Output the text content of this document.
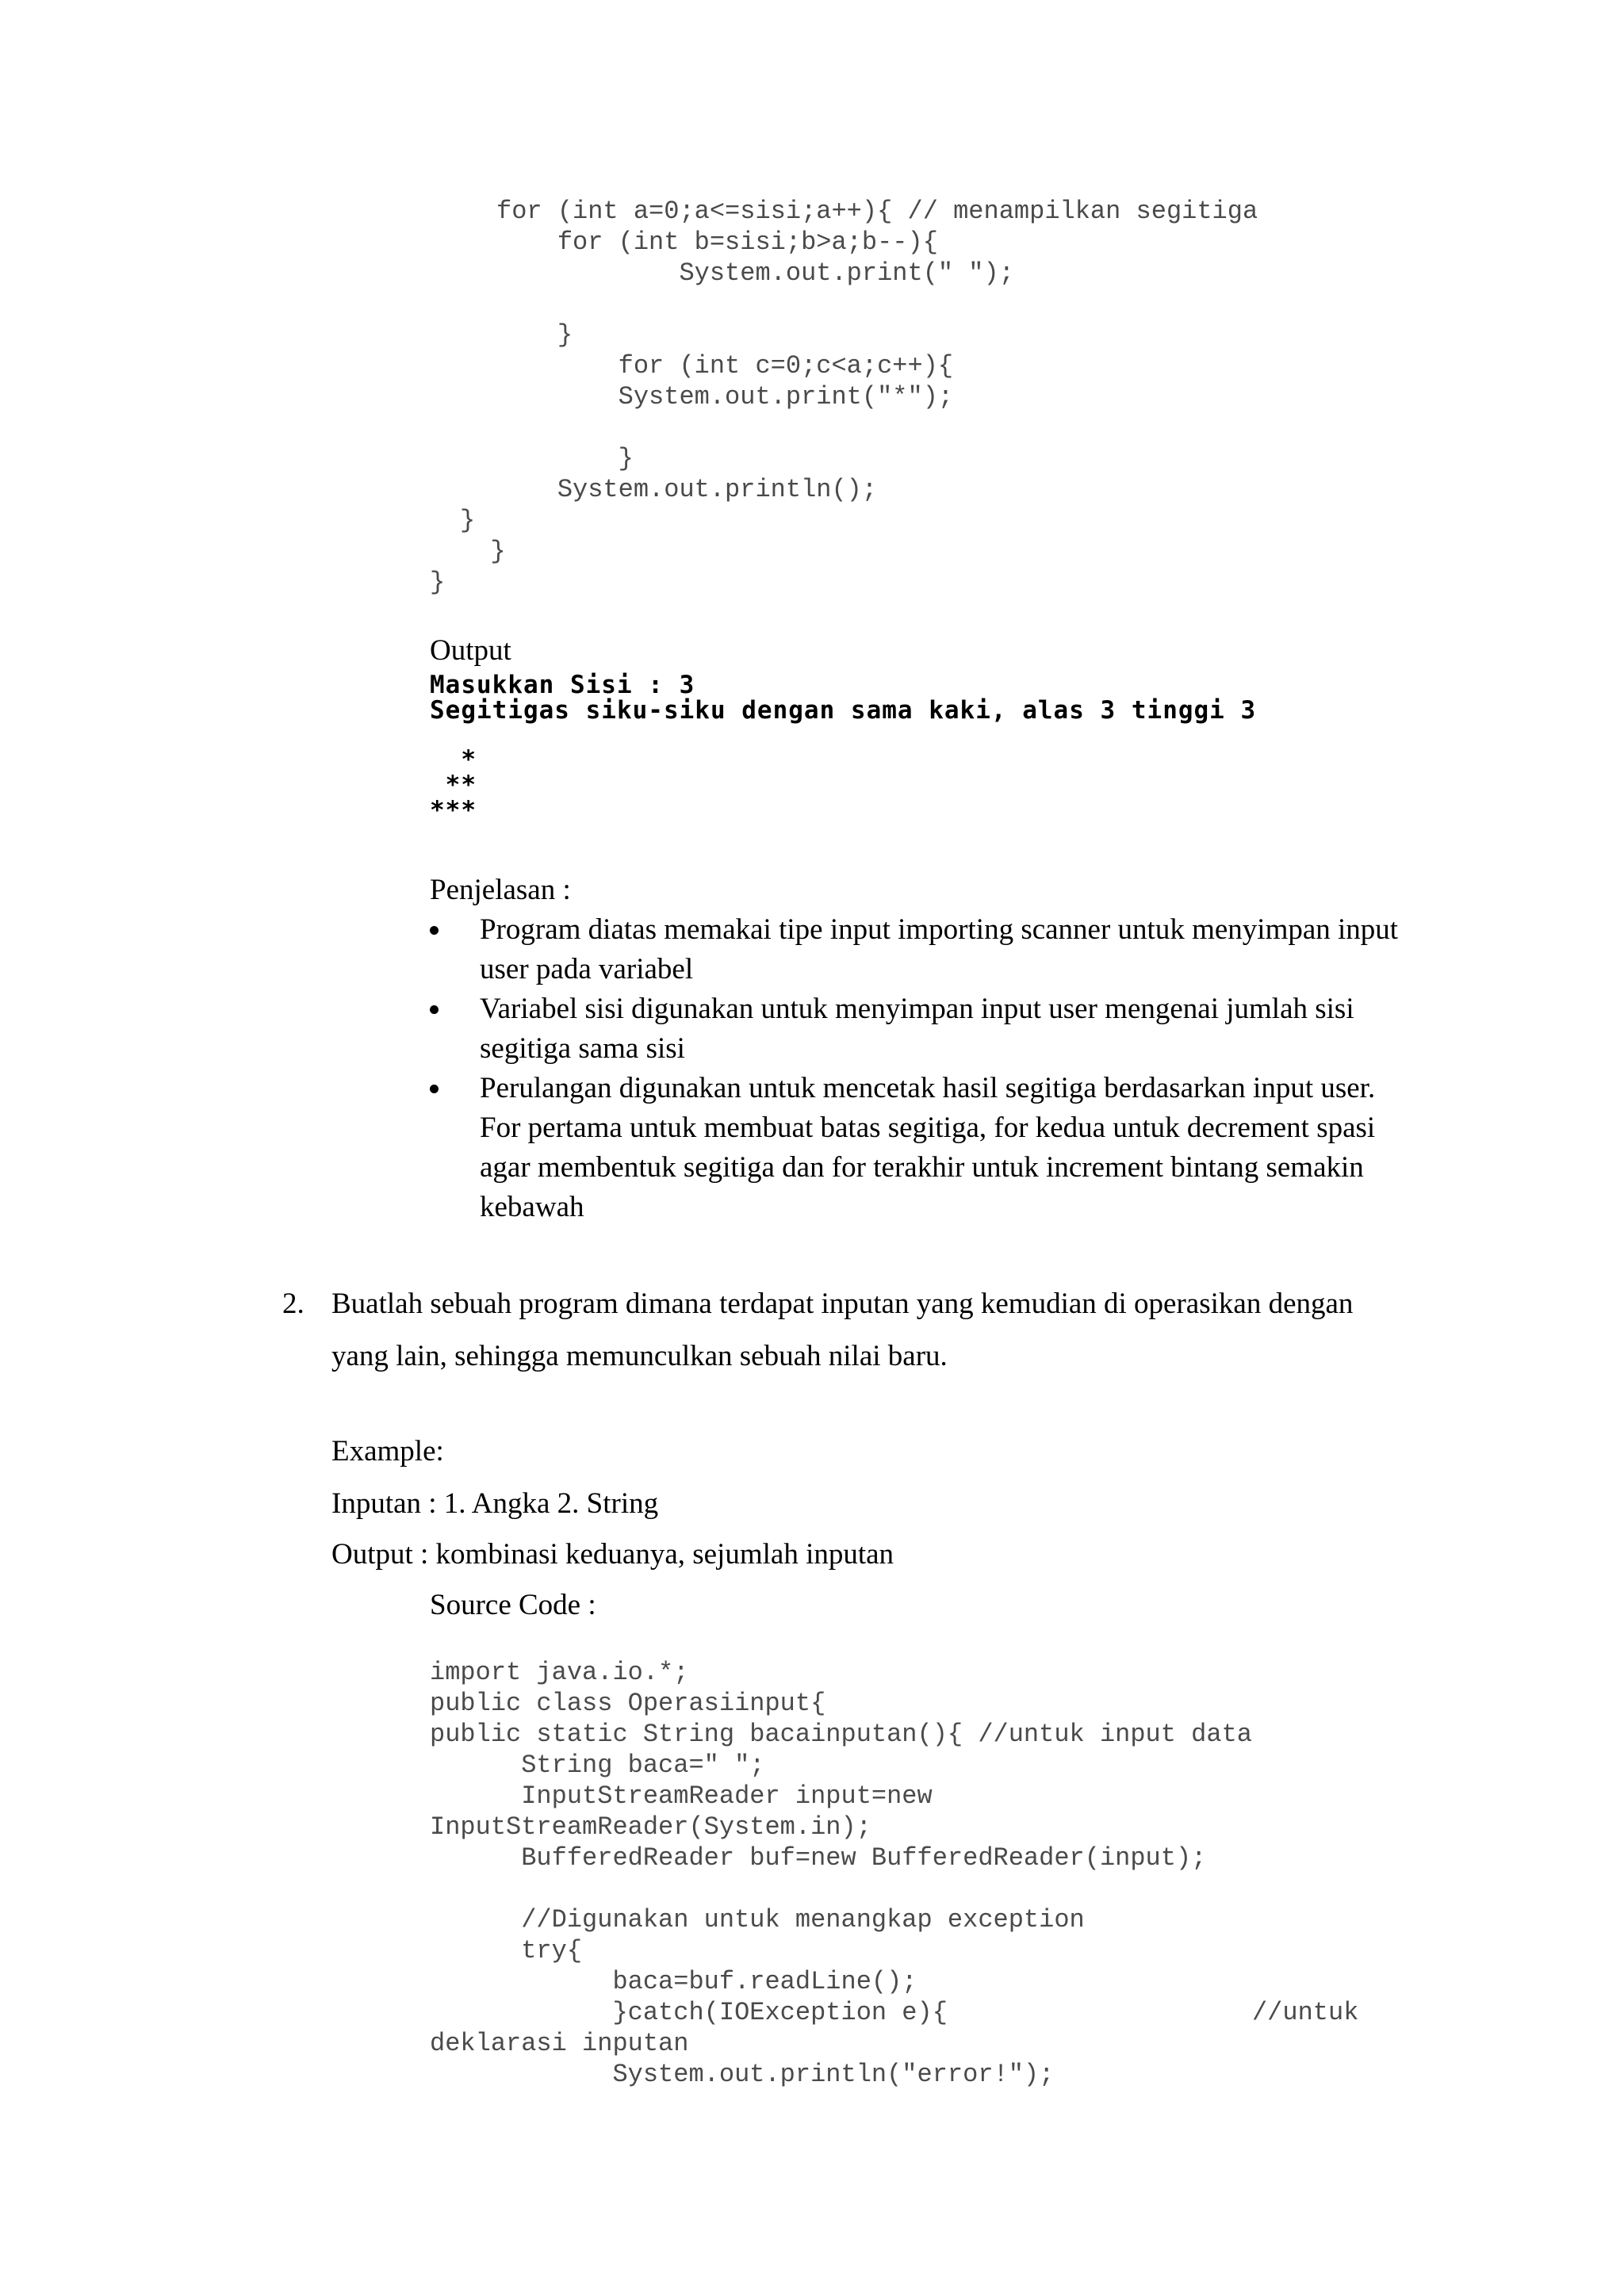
for (int a=0;a<=sisi;a++){ // menampilkan segitiga
for (int b=sisi;b>a;b--){
System.out.print(" ");

}
for (int c=0;c<a;c++){
System.out.print("*");

}
System.out.println();
}
}
}
Output
Masukkan Sisi : 3
Segitigas siku-siku dengan sama kaki, alas 3 tinggi 3
*
**
***
Penjelasan :
Program diatas memakai tipe input importing scanner untuk menyimpan input
user pada variabel
Variabel sisi digunakan untuk menyimpan input user mengenai jumlah sisi
segitiga sama sisi
Perulangan digunakan untuk mencetak hasil segitiga berdasarkan input user.
For pertama untuk membuat batas segitiga, for kedua untuk decrement spasi
agar membentuk segitiga dan for terakhir untuk increment bintang semakin
kebawah
2. Buatlah sebuah program dimana terdapat inputan yang kemudian di operasikan dengan
yang lain, sehingga memunculkan sebuah nilai baru.
Example:
Inputan : 1. Angka 2. String
Output : kombinasi keduanya, sejumlah inputan
Source Code :
import java.io.*;
public class Operasiinput{
public static String bacainputan(){ //untuk input data
String baca=" ";
InputStreamReader input=new
InputStreamReader(System.in);
BufferedReader buf=new BufferedReader(input);

//Digunakan untuk menangkap exception
try{
baca=buf.readLine();
}catch(IOException e){                    //untuk
deklarasi inputan
System.out.println("error!");
